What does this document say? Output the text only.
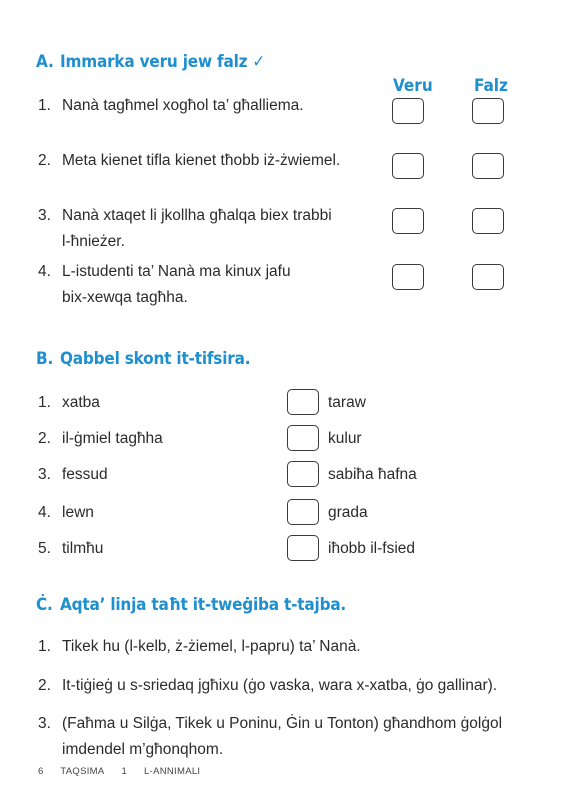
A. Immarka veru jew falz ✓
Veru Falz
1. Nanà tagħmel xogħol ta’ għalliema.
2. Meta kienet tifla kienet tħobb iż-żwiemel.
3. Nanà xtaqet li jkollha għalqa biex trabbi
l-ħnieżer.
4. L-istudenti ta’ Nanà ma kinux jafu
bix-xewqa tagħha.
B. Qabbel skont it-tifsira.
1. xatba	taraw
2. il-ġmiel tagħha	kulur
3. fessud	sabiħa ħafna
4. lewn	grada
5. tilmħu	iħobb il-fsied
Ċ. Aqta’ linja taħt it-tweġiba t-tajba.
1. Tikek hu (l-kelb, ż-żiemel, l-papru) ta’ Nanà.
2. It-tiġieġ u s-sriedaq jgħixu (ġo vaska, wara x-xatba, ġo gallinar).
3. (Faħma u Silġa, Tikek u Poninu, Ġin u Tonton) għandhom ġolġol
imdendel m’għonqhom.
6 TAQSIMA 1 L-ANNIMALI
